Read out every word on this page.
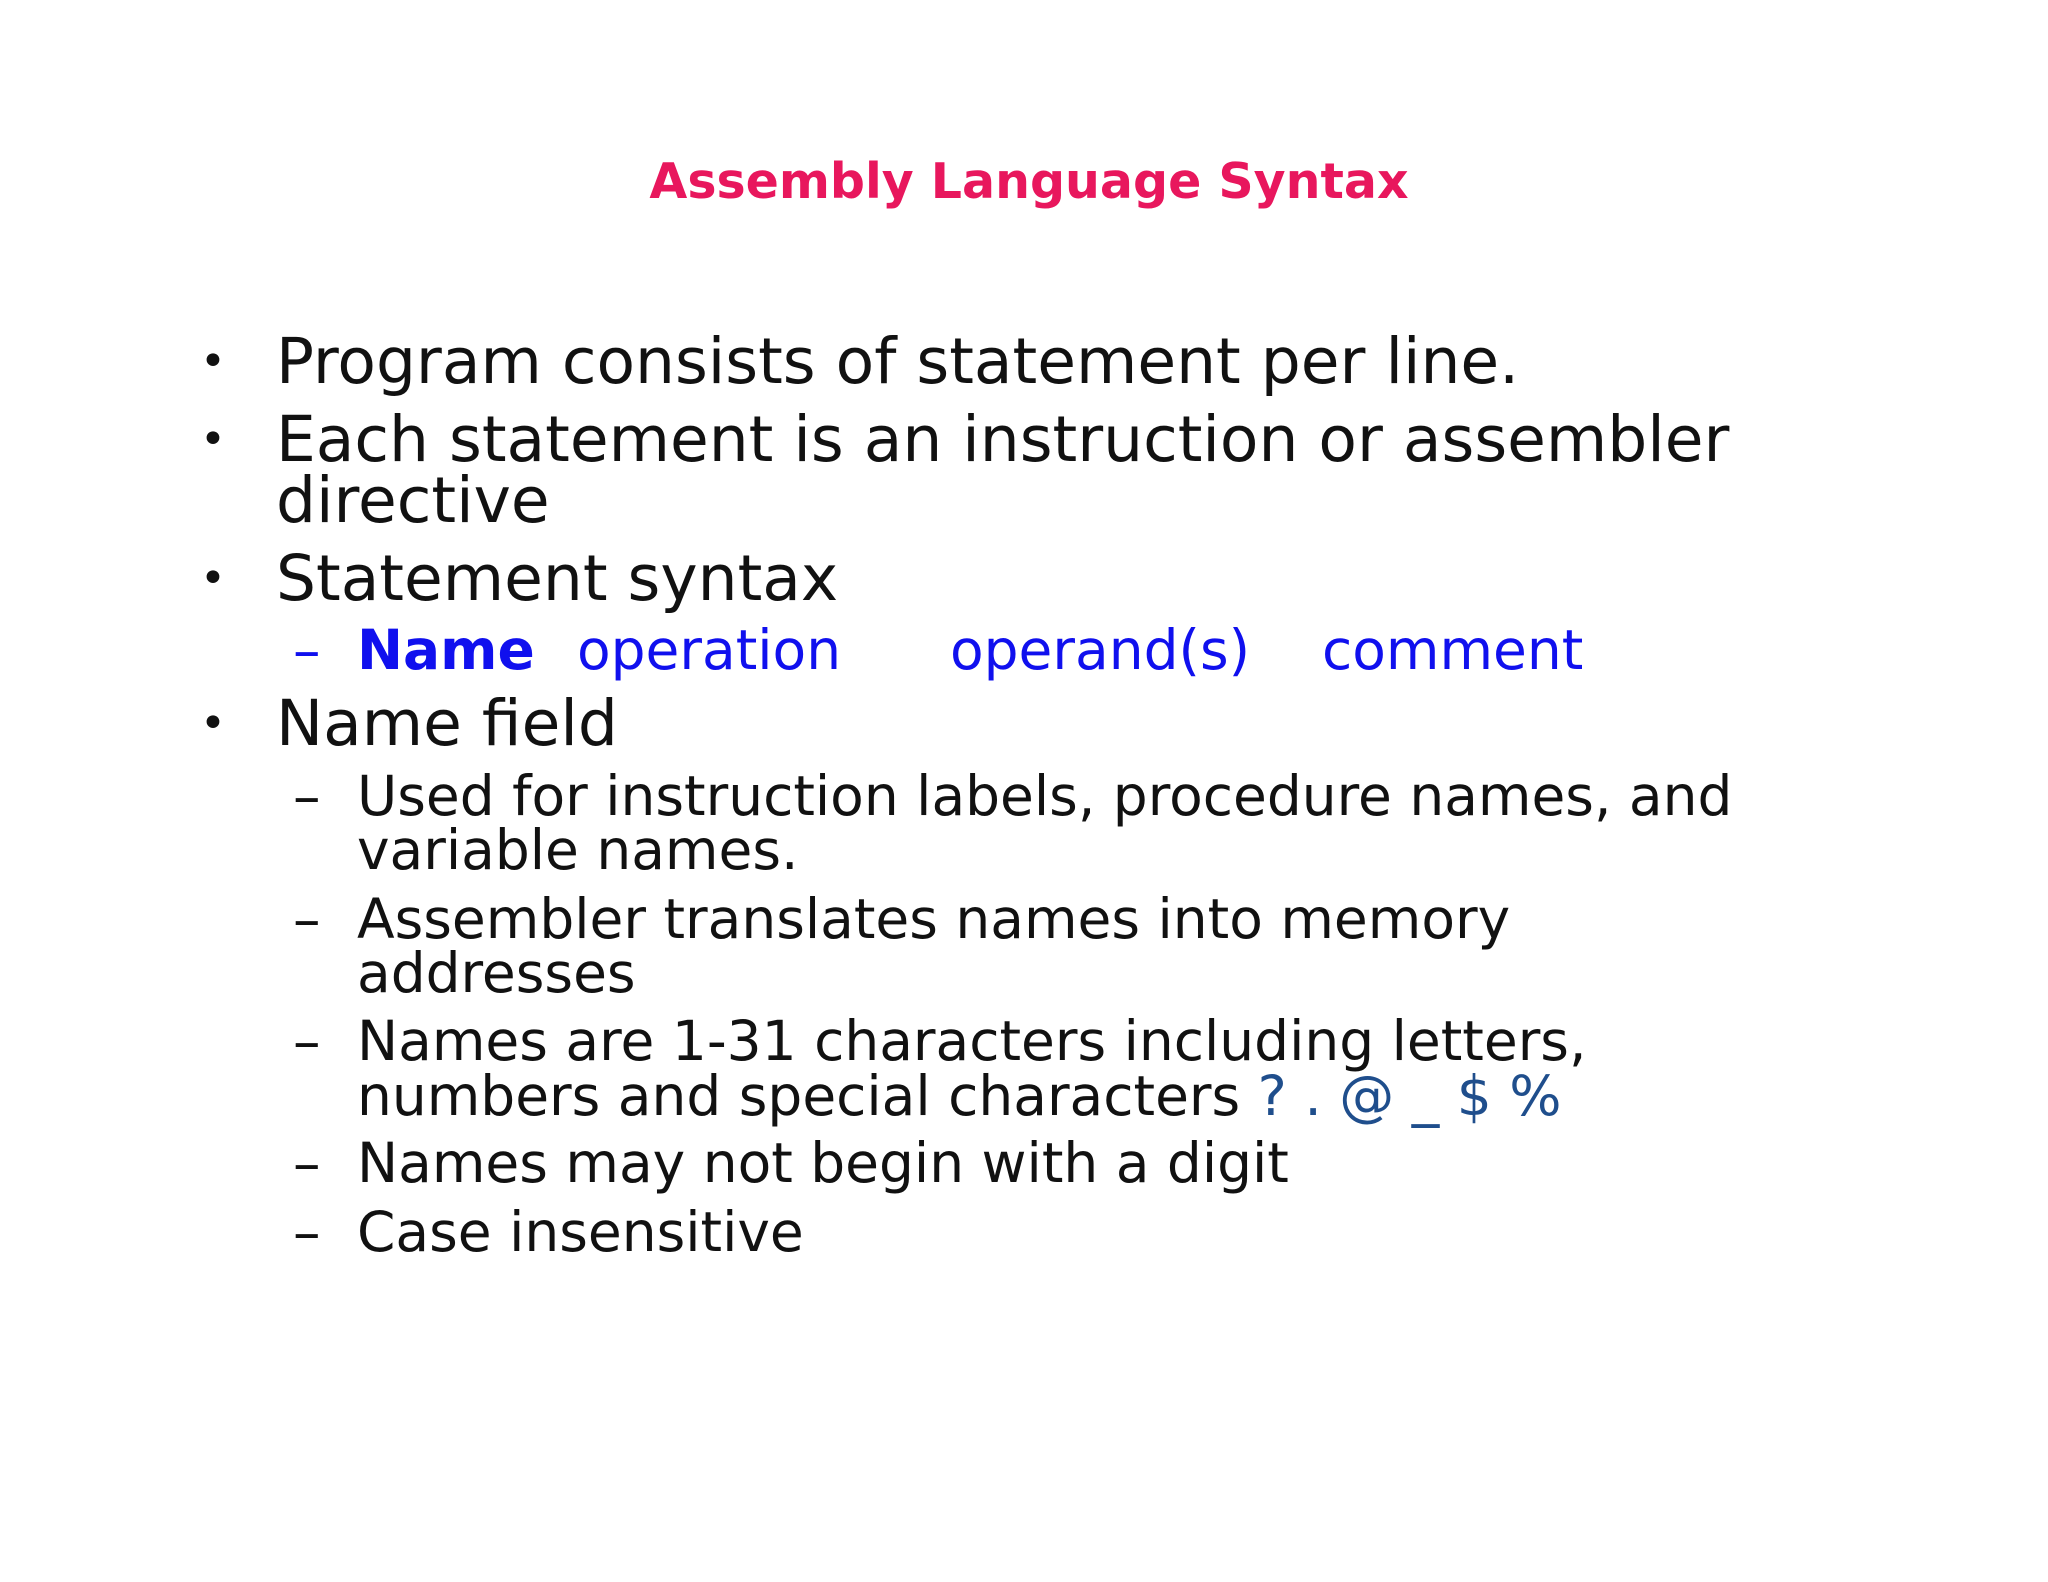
Assembly Language Syntax
• Program consists of statement per line.
• Each statement is an instruction or assembler
directive
• Statement syntax
– Name operation operand(s) comment
• Name field
– Used for instruction labels, procedure names, and
variable names.
– Assembler translates names into memory
addresses
– Names are 1-31 characters including letters,
numbers and special characters ? . @ _ $ %
– Names may not begin with a digit
– Case insensitive
